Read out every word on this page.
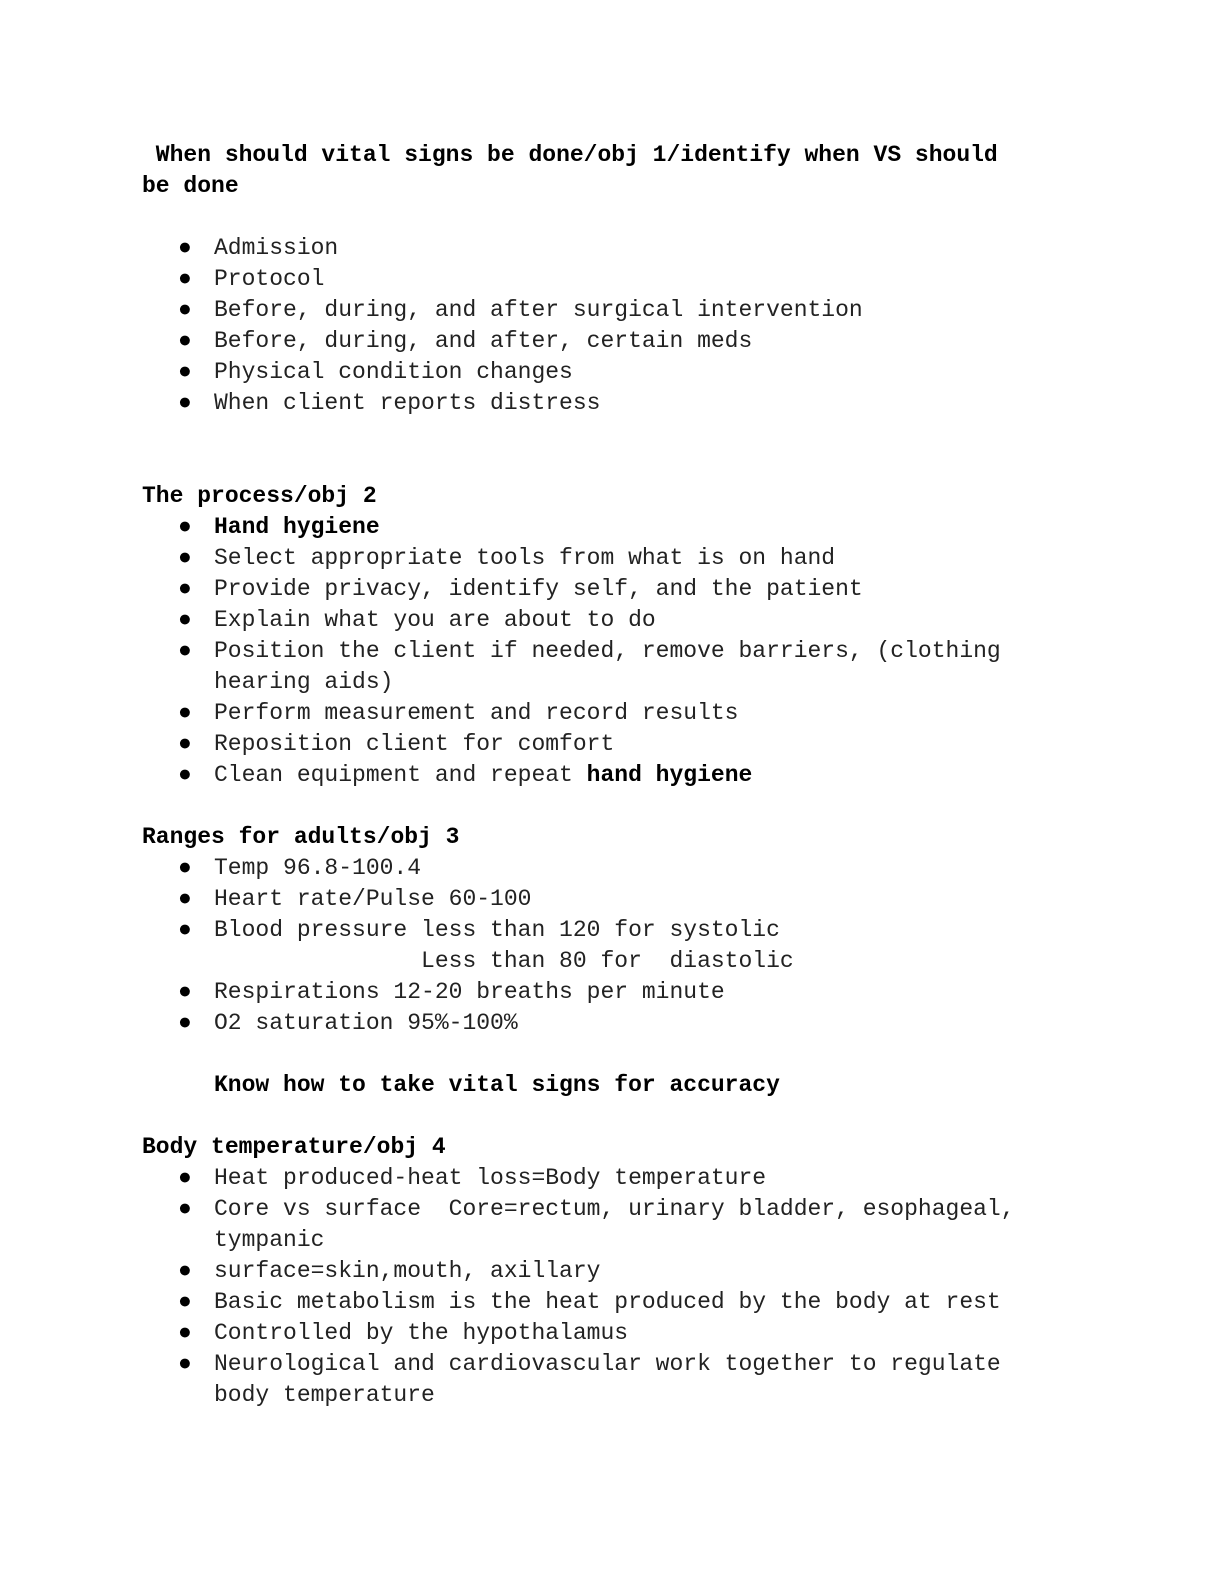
When should vital signs be done/obj 1/identify when VS should
be done
● Admission
● Protocol
● Before, during, and after surgical intervention
● Before, during, and after, certain meds
● Physical condition changes
● When client reports distress
The process/obj 2
● Hand hygiene
● Select appropriate tools from what is on hand
● Provide privacy, identify self, and the patient
● Explain what you are about to do
● Position the client if needed, remove barriers, (clothing
hearing aids)
● Perform measurement and record results
● Reposition client for comfort
● Clean equipment and repeat hand hygiene
Ranges for adults/obj 3
● Temp 96.8-100.4
● Heart rate/Pulse 60-100
● Blood pressure less than 120 for systolic
Less than 80 for  diastolic
● Respirations 12-20 breaths per minute
● O2 saturation 95%-100%
Know how to take vital signs for accuracy
Body temperature/obj 4
● Heat produced-heat loss=Body temperature
● Core vs surface  Core=rectum, urinary bladder, esophageal,
tympanic
● surface=skin,mouth, axillary
● Basic metabolism is the heat produced by the body at rest
● Controlled by the hypothalamus
● Neurological and cardiovascular work together to regulate
body temperature
